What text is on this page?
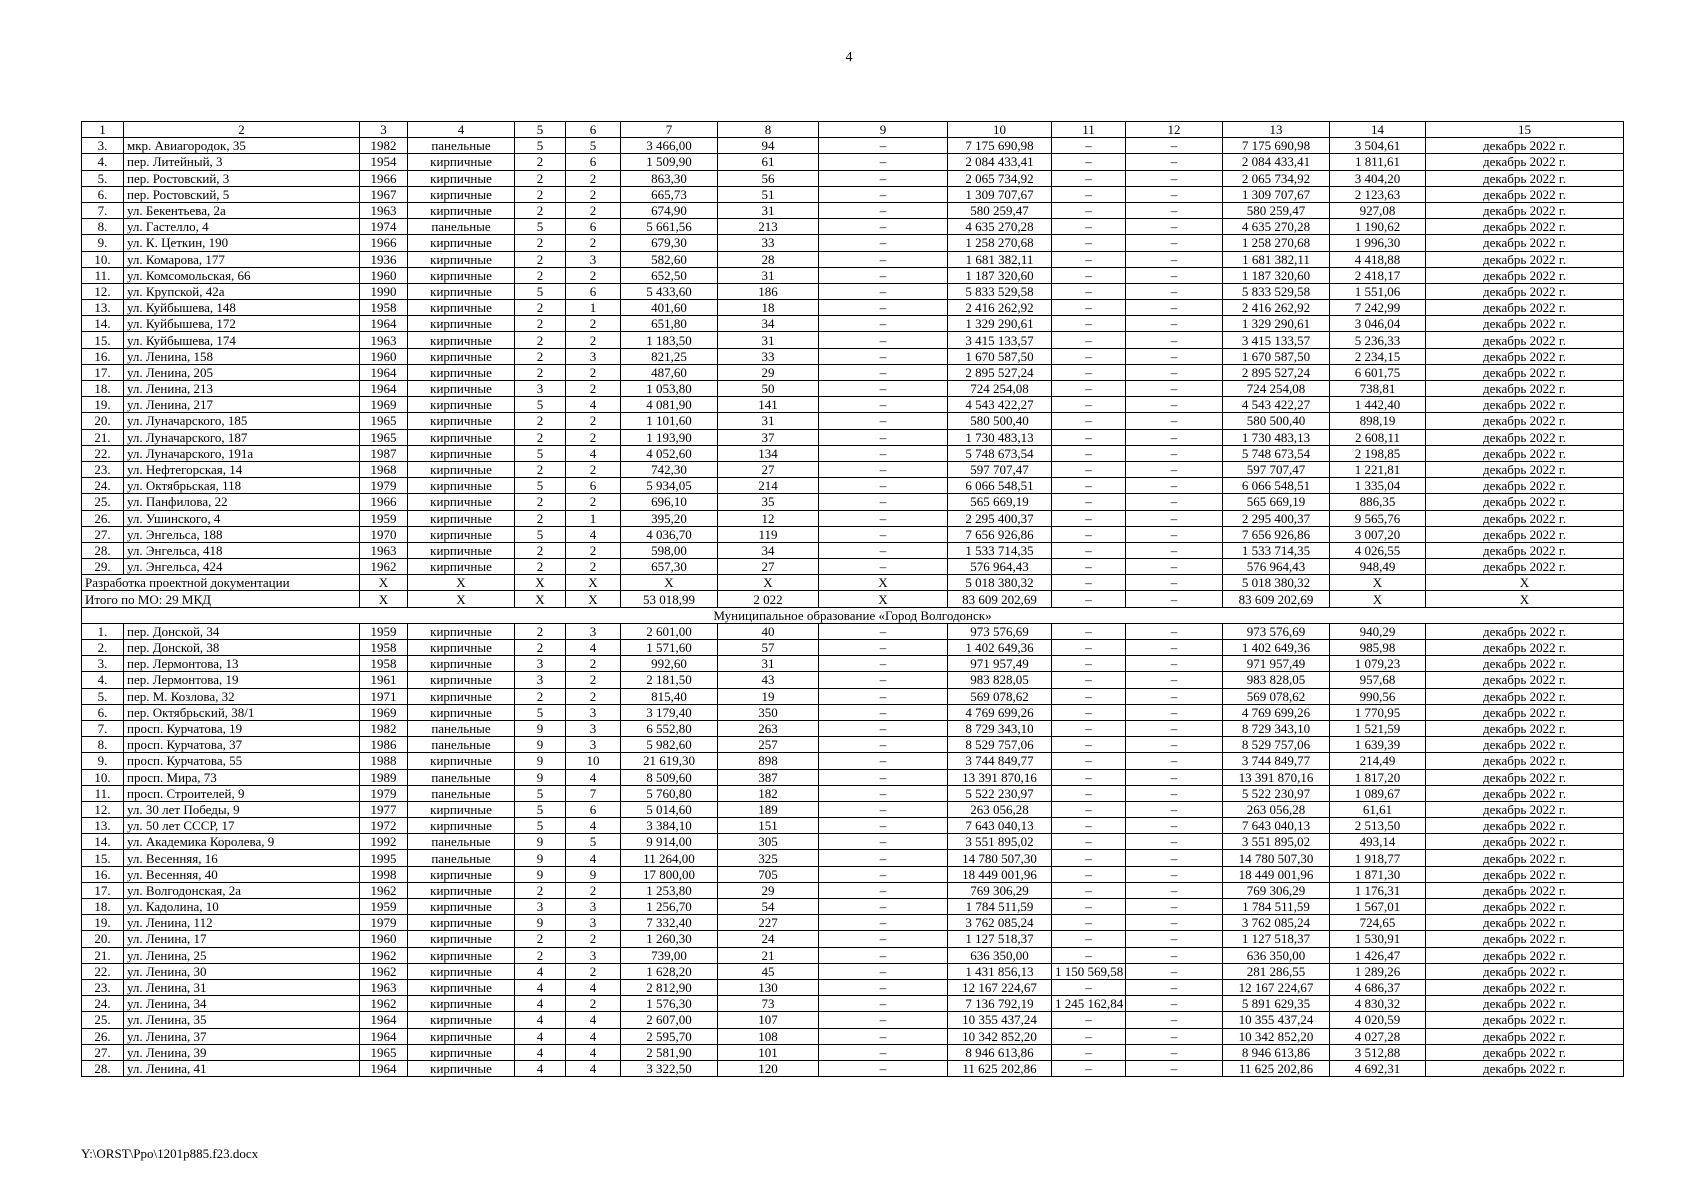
4
1	2	3	4	5	6	7	8	9	10	11	12	13	14	15
3.	мкр. Авиагородок, 35	1982	панельные	5	5	3 466,00	94	–	7 175 690,98	–	–	7 175 690,98	3 504,61	декабрь 2022 г.
4.	пер. Литейный, 3	1954	кирпичные	2	6	1 509,90	61	–	2 084 433,41	–	–	2 084 433,41	1 811,61	декабрь 2022 г.
5.	пер. Ростовский, 3	1966	кирпичные	2	2	863,30	56	–	2 065 734,92	–	–	2 065 734,92	3 404,20	декабрь 2022 г.
6.	пер. Ростовский, 5	1967	кирпичные	2	2	665,73	51	–	1 309 707,67	–	–	1 309 707,67	2 123,63	декабрь 2022 г.
7.	ул. Бекентьева, 2а	1963	кирпичные	2	2	674,90	31	–	580 259,47	–	–	580 259,47	927,08	декабрь 2022 г.
8.	ул. Гастелло, 4	1974	панельные	5	6	5 661,56	213	–	4 635 270,28	–	–	4 635 270,28	1 190,62	декабрь 2022 г.
9.	ул. К. Цеткин, 190	1966	кирпичные	2	2	679,30	33	–	1 258 270,68	–	–	1 258 270,68	1 996,30	декабрь 2022 г.
10.	ул. Комарова, 177	1936	кирпичные	2	3	582,60	28	–	1 681 382,11	–	–	1 681 382,11	4 418,88	декабрь 2022 г.
11.	ул. Комсомольская, 66	1960	кирпичные	2	2	652,50	31	–	1 187 320,60	–	–	1 187 320,60	2 418,17	декабрь 2022 г.
12.	ул. Крупской, 42а	1990	кирпичные	5	6	5 433,60	186	–	5 833 529,58	–	–	5 833 529,58	1 551,06	декабрь 2022 г.
13.	ул. Куйбышева, 148	1958	кирпичные	2	1	401,60	18	–	2 416 262,92	–	–	2 416 262,92	7 242,99	декабрь 2022 г.
14.	ул. Куйбышева, 172	1964	кирпичные	2	2	651,80	34	–	1 329 290,61	–	–	1 329 290,61	3 046,04	декабрь 2022 г.
15.	ул. Куйбышева, 174	1963	кирпичные	2	2	1 183,50	31	–	3 415 133,57	–	–	3 415 133,57	5 236,33	декабрь 2022 г.
16.	ул. Ленина, 158	1960	кирпичные	2	3	821,25	33	–	1 670 587,50	–	–	1 670 587,50	2 234,15	декабрь 2022 г.
17.	ул. Ленина, 205	1964	кирпичные	2	2	487,60	29	–	2 895 527,24	–	–	2 895 527,24	6 601,75	декабрь 2022 г.
18.	ул. Ленина, 213	1964	кирпичные	3	2	1 053,80	50	–	724 254,08	–	–	724 254,08	738,81	декабрь 2022 г.
19.	ул. Ленина, 217	1969	кирпичные	5	4	4 081,90	141	–	4 543 422,27	–	–	4 543 422,27	1 442,40	декабрь 2022 г.
20.	ул. Луначарского, 185	1965	кирпичные	2	2	1 101,60	31	–	580 500,40	–	–	580 500,40	898,19	декабрь 2022 г.
21.	ул. Луначарского, 187	1965	кирпичные	2	2	1 193,90	37	–	1 730 483,13	–	–	1 730 483,13	2 608,11	декабрь 2022 г.
22.	ул. Луначарского, 191а	1987	кирпичные	5	4	4 052,60	134	–	5 748 673,54	–	–	5 748 673,54	2 198,85	декабрь 2022 г.
23.	ул. Нефтегорская, 14	1968	кирпичные	2	2	742,30	27	–	597 707,47	–	–	597 707,47	1 221,81	декабрь 2022 г.
24.	ул. Октябрьская, 118	1979	кирпичные	5	6	5 934,05	214	–	6 066 548,51	–	–	6 066 548,51	1 335,04	декабрь 2022 г.
25.	ул. Панфилова, 22	1966	кирпичные	2	2	696,10	35	–	565 669,19	–	–	565 669,19	886,35	декабрь 2022 г.
26.	ул. Ушинского, 4	1959	кирпичные	2	1	395,20	12	–	2 295 400,37	–	–	2 295 400,37	9 565,76	декабрь 2022 г.
27.	ул. Энгельса, 188	1970	кирпичные	5	4	4 036,70	119	–	7 656 926,86	–	–	7 656 926,86	3 007,20	декабрь 2022 г.
28.	ул. Энгельса, 418	1963	кирпичные	2	2	598,00	34	–	1 533 714,35	–	–	1 533 714,35	4 026,55	декабрь 2022 г.
29.	ул. Энгельса, 424	1962	кирпичные	2	2	657,30	27	–	576 964,43	–	–	576 964,43	948,49	декабрь 2022 г.
Разработка проектной документации		X	X	X	X	X	X	X	5 018 380,32	–	–	5 018 380,32	X	X
Итого по МО: 29 МКД		X	X	X	X	53 018,99	2 022	X	83 609 202,69	–	–	83 609 202,69	X	X
Муниципальное образование «Город Волгодонск»														
1.	пер. Донской, 34	1959	кирпичные	2	3	2 601,00	40	–	973 576,69	–	–	973 576,69	940,29	декабрь 2022 г.
2.	пер. Донской, 38	1958	кирпичные	2	4	1 571,60	57	–	1 402 649,36	–	–	1 402 649,36	985,98	декабрь 2022 г.
3.	пер. Лермонтова, 13	1958	кирпичные	3	2	992,60	31	–	971 957,49	–	–	971 957,49	1 079,23	декабрь 2022 г.
4.	пер. Лермонтова, 19	1961	кирпичные	3	2	2 181,50	43	–	983 828,05	–	–	983 828,05	957,68	декабрь 2022 г.
5.	пер. М. Козлова, 32	1971	кирпичные	2	2	815,40	19	–	569 078,62	–	–	569 078,62	990,56	декабрь 2022 г.
6.	пер. Октябрьский, 38/1	1969	кирпичные	5	3	3 179,40	350	–	4 769 699,26	–	–	4 769 699,26	1 770,95	декабрь 2022 г.
7.	просп. Курчатова, 19	1982	панельные	9	3	6 552,80	263	–	8 729 343,10	–	–	8 729 343,10	1 521,59	декабрь 2022 г.
8.	просп. Курчатова, 37	1986	панельные	9	3	5 982,60	257	–	8 529 757,06	–	–	8 529 757,06	1 639,39	декабрь 2022 г.
9.	просп. Курчатова, 55	1988	кирпичные	9	10	21 619,30	898	–	3 744 849,77	–	–	3 744 849,77	214,49	декабрь 2022 г.
10.	просп. Мира, 73	1989	панельные	9	4	8 509,60	387	–	13 391 870,16	–	–	13 391 870,16	1 817,20	декабрь 2022 г.
11.	просп. Строителей, 9	1979	панельные	5	7	5 760,80	182	–	5 522 230,97	–	–	5 522 230,97	1 089,67	декабрь 2022 г.
12.	ул. 30 лет Победы, 9	1977	кирпичные	5	6	5 014,60	189	–	263 056,28	–	–	263 056,28	61,61	декабрь 2022 г.
13.	ул. 50 лет СССР, 17	1972	кирпичные	5	4	3 384,10	151	–	7 643 040,13	–	–	7 643 040,13	2 513,50	декабрь 2022 г.
14.	ул. Академика Королева, 9	1992	панельные	9	5	9 914,00	305	–	3 551 895,02	–	–	3 551 895,02	493,14	декабрь 2022 г.
15.	ул. Весенняя, 16	1995	панельные	9	4	11 264,00	325	–	14 780 507,30	–	–	14 780 507,30	1 918,77	декабрь 2022 г.
16.	ул. Весенняя, 40	1998	кирпичные	9	9	17 800,00	705	–	18 449 001,96	–	–	18 449 001,96	1 871,30	декабрь 2022 г.
17.	ул. Волгодонская, 2а	1962	кирпичные	2	2	1 253,80	29	–	769 306,29	–	–	769 306,29	1 176,31	декабрь 2022 г.
18.	ул. Кадолина, 10	1959	кирпичные	3	3	1 256,70	54	–	1 784 511,59	–	–	1 784 511,59	1 567,01	декабрь 2022 г.
19.	ул. Ленина, 112	1979	кирпичные	9	3	7 332,40	227	–	3 762 085,24	–	–	3 762 085,24	724,65	декабрь 2022 г.
20.	ул. Ленина, 17	1960	кирпичные	2	2	1 260,30	24	–	1 127 518,37	–	–	1 127 518,37	1 530,91	декабрь 2022 г.
21.	ул. Ленина, 25	1962	кирпичные	2	3	739,00	21	–	636 350,00	–	–	636 350,00	1 426,47	декабрь 2022 г.
22.	ул. Ленина, 30	1962	кирпичные	4	2	1 628,20	45	–	1 431 856,13	1 150 569,58	–	281 286,55	1 289,26	декабрь 2022 г.
23.	ул. Ленина, 31	1963	кирпичные	4	4	2 812,90	130	–	12 167 224,67	–	–	12 167 224,67	4 686,37	декабрь 2022 г.
24.	ул. Ленина, 34	1962	кирпичные	4	2	1 576,30	73	–	7 136 792,19	1 245 162,84	–	5 891 629,35	4 830,32	декабрь 2022 г.
25.	ул. Ленина, 35	1964	кирпичные	4	4	2 607,00	107	–	10 355 437,24	–	–	10 355 437,24	4 020,59	декабрь 2022 г.
26.	ул. Ленина, 37	1964	кирпичные	4	4	2 595,70	108	–	10 342 852,20	–	–	10 342 852,20	4 027,28	декабрь 2022 г.
27.	ул. Ленина, 39	1965	кирпичные	4	4	2 581,90	101	–	8 946 613,86	–	–	8 946 613,86	3 512,88	декабрь 2022 г.
28.	ул. Ленина, 41	1964	кирпичные	4	4	3 322,50	120	–	11 625 202,86	–	–	11 625 202,86	4 692,31	декабрь 2022 г.
Y:\ORST\Ppo\1201p885.f23.docx
